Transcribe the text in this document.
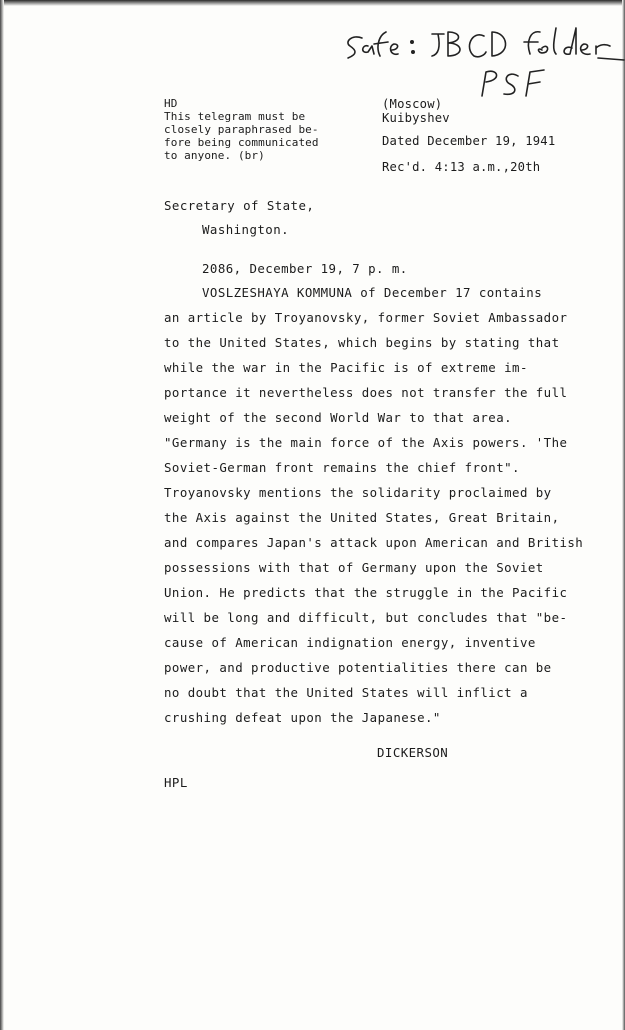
HD
This telegram must be
closely paraphrased be-
fore being communicated
to anyone. (br)
(Moscow)
Kuibyshev
Dated December 19, 1941
Rec'd. 4:13 a.m.,20th
Secretary of State,
Washington.
2086, December 19, 7 p. m.
VOSLZESHAYA KOMMUNA of December 17 contains
an article by Troyanovsky, former Soviet Ambassador
to the United States, which begins by stating that
while the war in the Pacific is of extreme im-
portance it nevertheless does not transfer the full
weight of the second World War to that area.
"Germany is the main force of the Axis powers. 'The
Soviet-German front remains the chief front".
Troyanovsky mentions the solidarity proclaimed by
the Axis against the United States, Great Britain,
and compares Japan's attack upon American and British
possessions with that of Germany upon the Soviet
Union. He predicts that the struggle in the Pacific
will be long and difficult, but concludes that "be-
cause of American indignation energy, inventive
power, and productive potentialities there can be
no doubt that the United States will inflict a
crushing defeat upon the Japanese."
DICKERSON
HPL
